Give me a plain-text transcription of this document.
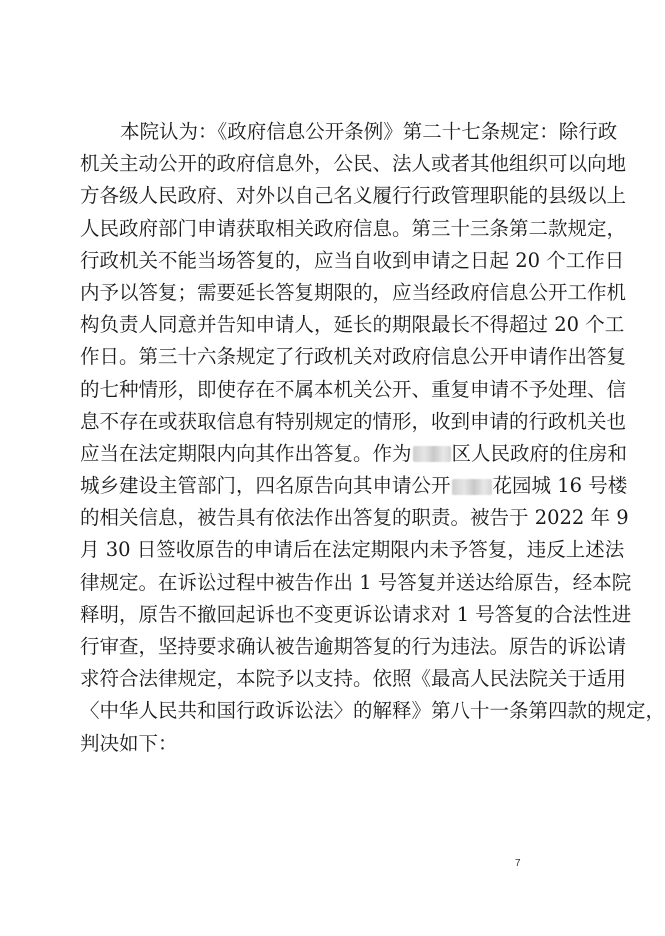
本院认为：《政府信息公开条例》第二十七条规定：除行政
机关主动公开的政府信息外，公民、法人或者其他组织可以向地
方各级人民政府、对外以自己名义履行行政管理职能的县级以上
人民政府部门申请获取相关政府信息。第三十三条第二款规定，
行政机关不能当场答复的，应当自收到申请之日起 20 个工作日
内予以答复；需要延长答复期限的，应当经政府信息公开工作机
构负责人同意并告知申请人，延长的期限最长不得超过 20 个工
作日。第三十六条规定了行政机关对政府信息公开申请作出答复
的七种情形，即使存在不属本机关公开、重复申请不予处理、信
息不存在或获取信息有特别规定的情形，收到申请的行政机关也
应当在法定期限内向其作出答复。作为 区人民政府的住房和
城乡建设主管部门，四名原告向其申请公开 花园城 16 号楼
的相关信息，被告具有依法作出答复的职责。被告于 2022 年 9
月 30 日签收原告的申请后在法定期限内未予答复，违反上述法
律规定。在诉讼过程中被告作出 1 号答复并送达给原告，经本院
释明，原告不撤回起诉也不变更诉讼请求对 1 号答复的合法性进
行审查，坚持要求确认被告逾期答复的行为违法。原告的诉讼请
求符合法律规定，本院予以支持。依照《最高人民法院关于适用
〈中华人民共和国行政诉讼法〉的解释》第八十一条第四款的规定，
判决如下：
7
